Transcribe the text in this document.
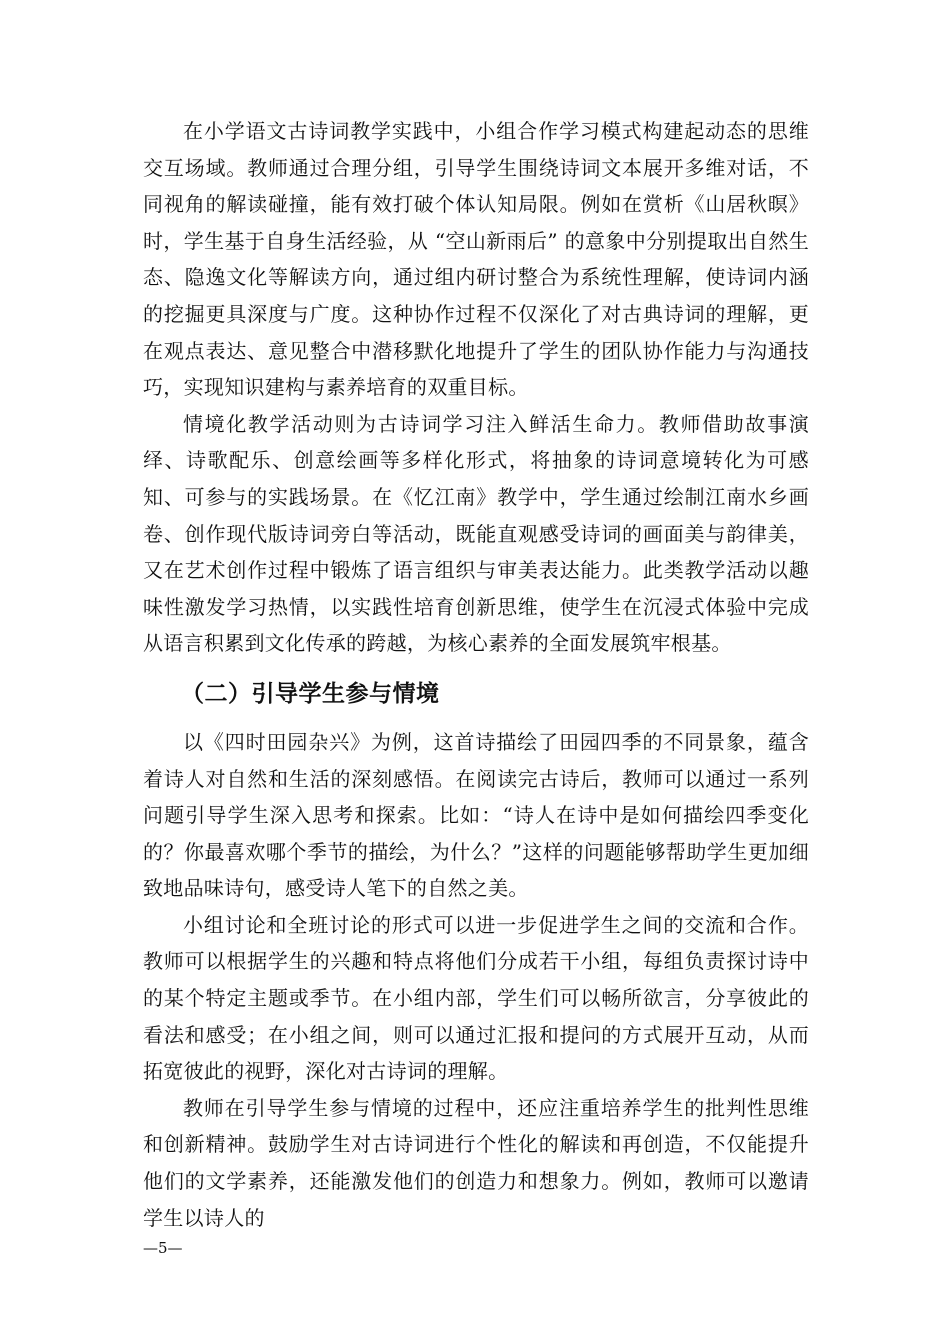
在小学语文古诗词教学实践中，小组合作学习模式构建起动态的思维交互场域。教师通过合理分组，引导学生围绕诗词文本展开多维对话，不同视角的解读碰撞，能有效打破个体认知局限。例如在赏析《山居秋暝》时，学生基于自身生活经验，从 “空山新雨后” 的意象中分别提取出自然生态、隐逸文化等解读方向，通过组内研讨整合为系统性理解，使诗词内涵的挖掘更具深度与广度。这种协作过程不仅深化了对古典诗词的理解，更在观点表达、意见整合中潜移默化地提升了学生的团队协作能力与沟通技巧，实现知识建构与素养培育的双重目标。

情境化教学活动则为古诗词学习注入鲜活生命力。教师借助故事演绎、诗歌配乐、创意绘画等多样化形式，将抽象的诗词意境转化为可感知、可参与的实践场景。在《忆江南》教学中，学生通过绘制江南水乡画卷、创作现代版诗词旁白等活动，既能直观感受诗词的画面美与韵律美，又在艺术创作过程中锻炼了语言组织与审美表达能力。此类教学活动以趣味性激发学习热情，以实践性培育创新思维，使学生在沉浸式体验中完成从语言积累到文化传承的跨越，为核心素养的全面发展筑牢根基。

（二）引导学生参与情境

以《四时田园杂兴》为例，这首诗描绘了田园四季的不同景象，蕴含着诗人对自然和生活的深刻感悟。在阅读完古诗后，教师可以通过一系列问题引导学生深入思考和探索。比如：“诗人在诗中是如何描绘四季变化的？你最喜欢哪个季节的描绘，为什么？”这样的问题能够帮助学生更加细致地品味诗句，感受诗人笔下的自然之美。

小组讨论和全班讨论的形式可以进一步促进学生之间的交流和合作。教师可以根据学生的兴趣和特点将他们分成若干小组，每组负责探讨诗中的某个特定主题或季节。在小组内部，学生们可以畅所欲言，分享彼此的看法和感受；在小组之间，则可以通过汇报和提问的方式展开互动，从而拓宽彼此的视野，深化对古诗词的理解。

教师在引导学生参与情境的过程中，还应注重培养学生的批判性思维和创新精神。鼓励学生对古诗词进行个性化的解读和再创造，不仅能提升他们的文学素养，还能激发他们的创造力和想象力。例如，教师可以邀请学生以诗人的

—5—
